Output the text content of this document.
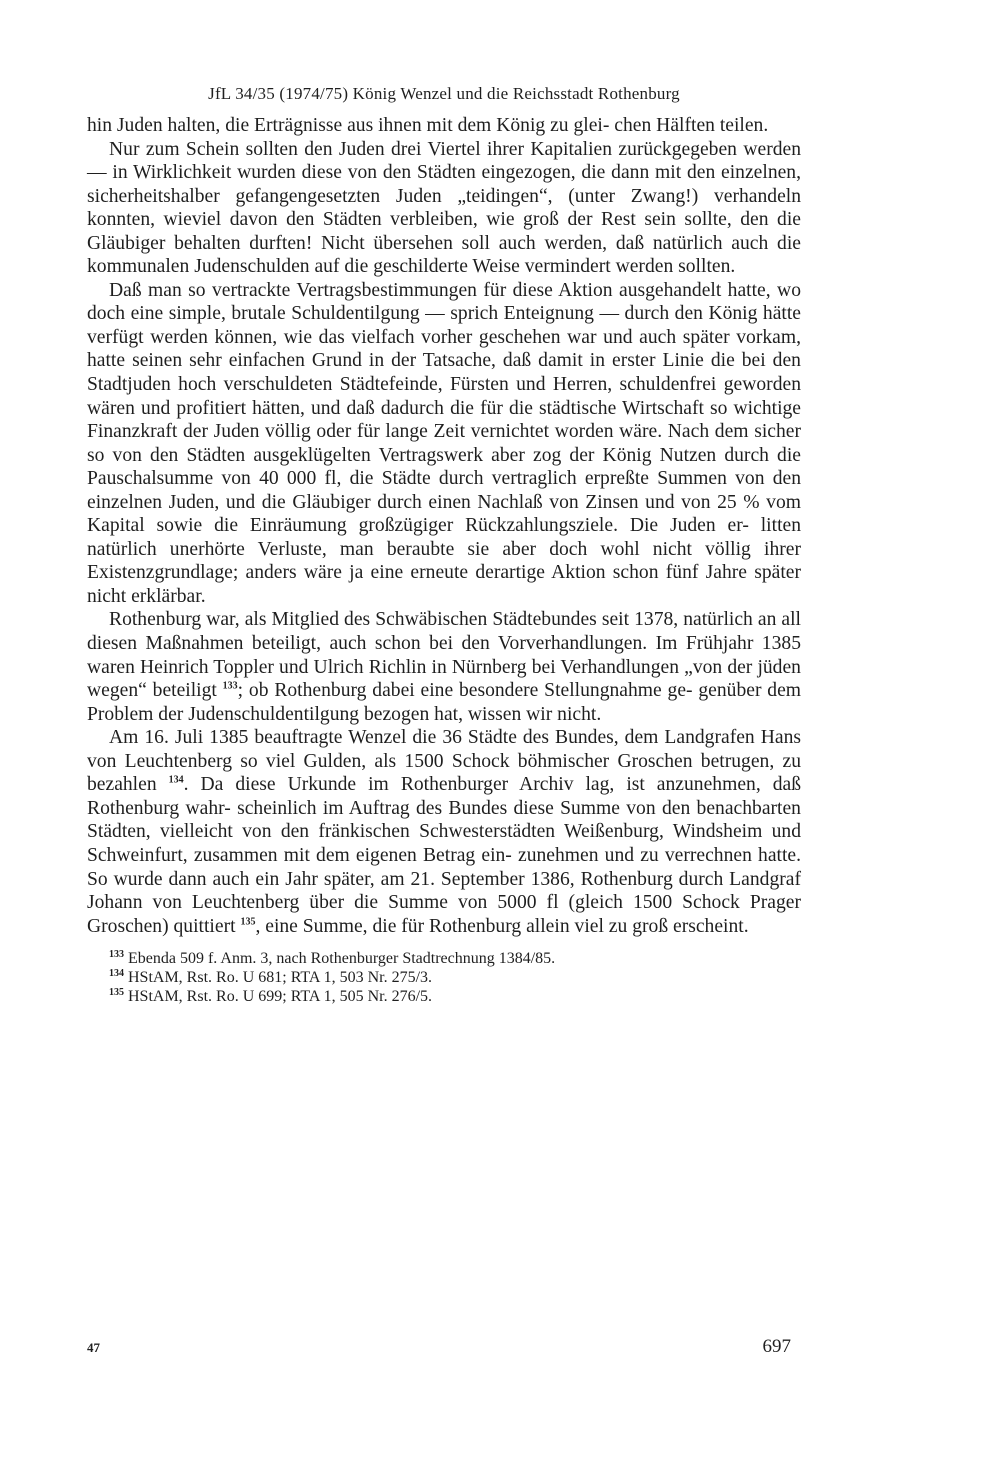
JfL 34/35 (1974/75) König Wenzel und die Reichsstadt Rothenburg

hin Juden halten, die Erträgnisse aus ihnen mit dem König zu glei- chen Hälften teilen.

Nur zum Schein sollten den Juden drei Viertel ihrer Kapitalien zurückgegeben werden — in Wirklichkeit wurden diese von den Städten eingezogen, die dann mit den einzelnen, sicherheitshalber gefangengesetzten Juden „teidingen“, (unter Zwang!) verhandeln konnten, wieviel davon den Städten verbleiben, wie groß der Rest sein sollte, den die Gläubiger behalten durften! Nicht übersehen soll auch werden, daß natürlich auch die kommunalen Judenschulden auf die geschilderte Weise vermindert werden sollten.

Daß man so vertrackte Vertragsbestimmungen für diese Aktion ausgehandelt hatte, wo doch eine simple, brutale Schuldentilgung — sprich Enteignung — durch den König hätte verfügt werden können, wie das vielfach vorher geschehen war und auch später vorkam, hatte seinen sehr einfachen Grund in der Tatsache, daß damit in erster Linie die bei den Stadtjuden hoch verschuldeten Städtefeinde, Fürsten und Herren, schuldenfrei geworden wären und profitiert hätten, und daß dadurch die für die städtische Wirtschaft so wichtige Finanzkraft der Juden völlig oder für lange Zeit vernichtet worden wäre. Nach dem sicher so von den Städten ausgeklügelten Vertragswerk aber zog der König Nutzen durch die Pauschalsumme von 40 000 fl, die Städte durch vertraglich erpreßte Summen von den einzelnen Juden, und die Gläubiger durch einen Nachlaß von Zinsen und von 25 % vom Kapital sowie die Einräumung großzügiger Rückzahlungsziele. Die Juden er- litten natürlich unerhörte Verluste, man beraubte sie aber doch wohl nicht völlig ihrer Existenzgrundlage; anders wäre ja eine erneute derartige Aktion schon fünf Jahre später nicht erklärbar.

Rothenburg war, als Mitglied des Schwäbischen Städtebundes seit 1378, natürlich an all diesen Maßnahmen beteiligt, auch schon bei den Vorverhandlungen. Im Frühjahr 1385 waren Heinrich Toppler und Ulrich Richlin in Nürnberg bei Verhandlungen „von der jüden wegen“ beteiligt $^{133}$; ob Rothenburg dabei eine besondere Stellungnahme ge- genüber dem Problem der Judenschuldentilgung bezogen hat, wissen wir nicht.

Am 16. Juli 1385 beauftragte Wenzel die 36 Städte des Bundes, dem Landgrafen Hans von Leuchtenberg so viel Gulden, als 1500 Schock böhmischer Groschen betrugen, zu bezahlen $^{134}$. Da diese Urkunde im Rothenburger Archiv lag, ist anzunehmen, daß Rothenburg wahr- scheinlich im Auftrag des Bundes diese Summe von den benachbarten Städten, vielleicht von den fränkischen Schwesterstädten Weißenburg, Windsheim und Schweinfurt, zusammen mit dem eigenen Betrag ein- zunehmen und zu verrechnen hatte. So wurde dann auch ein Jahr später, am 21. September 1386, Rothenburg durch Landgraf Johann von Leuchtenberg über die Summe von 5000 fl (gleich 1500 Schock Prager Groschen) quittiert $^{135}$, eine Summe, die für Rothenburg allein viel zu groß erscheint.

$^{133}$ Ebenda 509 f. Anm. 3, nach Rothenburger Stadtrechnung 1384/85.
$^{134}$ HStAM, Rst. Ro. U 681; RTA 1, 503 Nr. 275/3.
$^{135}$ HStAM, Rst. Ro. U 699; RTA 1, 505 Nr. 276/5.
47	697
